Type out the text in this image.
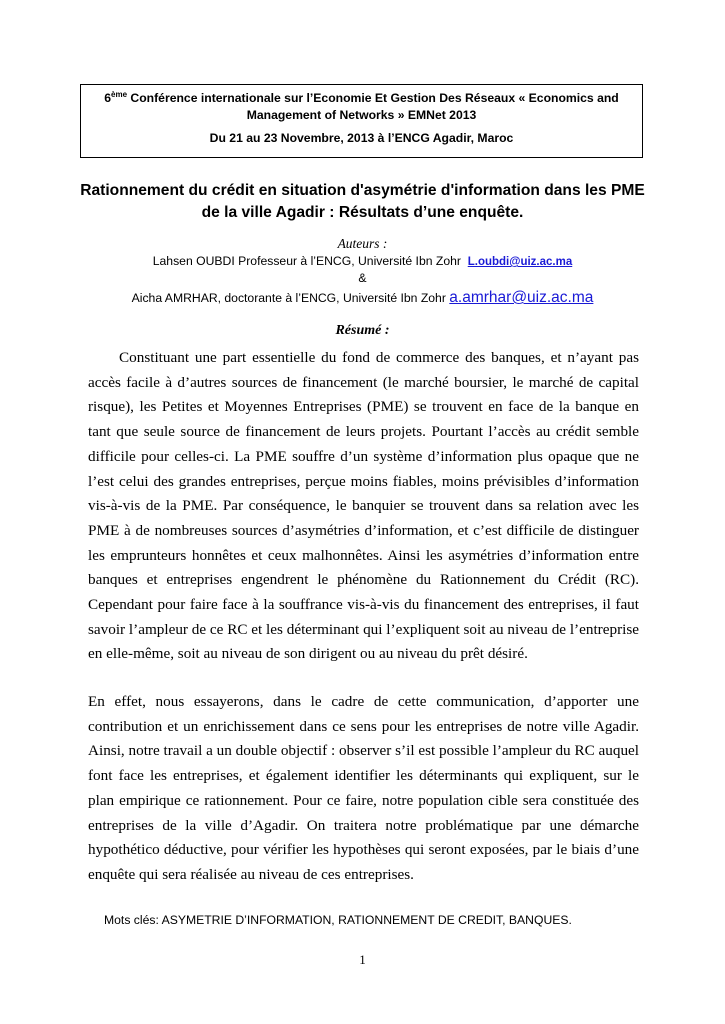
6ème Conférence internationale sur l’Economie Et Gestion Des Réseaux « Economics and
Management of Networks » EMNet 2013
Du 21 au 23 Novembre, 2013 à l’ENCG Agadir, Maroc
Rationnement du crédit en situation d'asymétrie d'information dans les PME
de la ville Agadir : Résultats d’une enquête.
Auteurs :
Lahsen OUBDI Professeur à l’ENCG, Université Ibn Zohr L.oubdi@uiz.ac.ma
&
Aicha AMRHAR, doctorante à l’ENCG, Université Ibn Zohr a.amrhar@uiz.ac.ma
Résumé :

Constituant une part essentielle du fond de commerce des banques, et n’ayant pas accès facile à d’autres sources de financement (le marché boursier, le marché de capital risque), les Petites et Moyennes Entreprises (PME) se trouvent en face de la banque en tant que seule source de financement de leurs projets. Pourtant l’accès au crédit semble difficile pour celles-ci. La PME souffre d’un système d’information plus opaque que ne l’est celui des grandes entreprises, perçue moins fiables, moins prévisibles d’information vis-à-vis de la PME. Par conséquence, le banquier se trouvent dans sa relation avec les PME à de nombreuses sources d’asymétries d’information, et c’est difficile de distinguer les emprunteurs honnêtes et ceux malhonnêtes. Ainsi les asymétries d’information entre banques et entreprises engendrent le phénomène du Rationnement du Crédit (RC). Cependant pour faire face à la souffrance vis-à-vis du financement des entreprises, il faut savoir l’ampleur de ce RC et les déterminant qui l’expliquent soit au niveau de l’entreprise en elle-même, soit au niveau de son dirigent ou au niveau du prêt désiré.

En effet, nous essayerons, dans le cadre de cette communication, d’apporter une contribution et un enrichissement dans ce sens pour les entreprises de notre ville Agadir. Ainsi, notre travail a un double objectif : observer s’il est possible l’ampleur du RC auquel font face les entreprises, et également identifier les déterminants qui expliquent, sur le plan empirique ce rationnement. Pour ce faire, notre population cible sera constituée des entreprises de la ville d’Agadir. On traitera notre problématique par une démarche hypothético déductive, pour vérifier les hypothèses qui seront exposées, par le biais d’une enquête qui sera réalisée au niveau de ces entreprises.

Mots clés: ASYMETRIE D’INFORMATION, RATIONNEMENT DE CREDIT, BANQUES.
1
